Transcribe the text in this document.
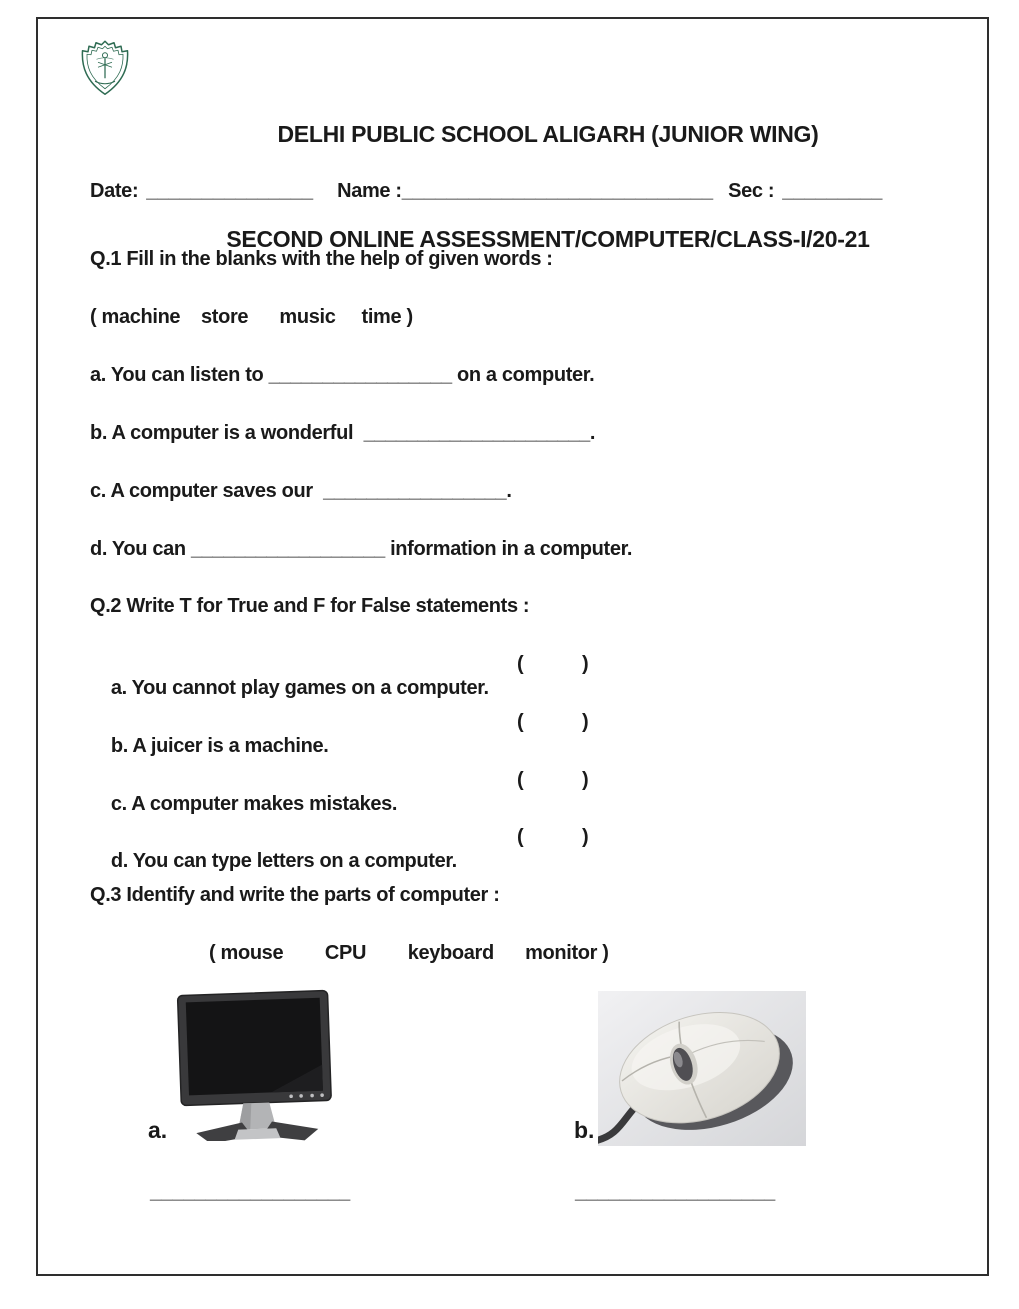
DELHI PUBLIC SCHOOL ALIGARH (JUNIOR WING)

SECOND ONLINE ASSESSMENT/COMPUTER/CLASS-I/20-21

Date: _______________ Name : ____________________________ Sec : _________
Q.1 Fill in the blanks with the help of given words :
( machine    store      music     time )
a. You can listen to _________________ on a computer.
b. A computer is a wonderful  _____________________.
c. A computer saves our  _________________.
d. You can __________________ information in a computer.
Q.2 Write T for True and F for False statements :

a. You cannot play games on a computer.

(

	)

b. A juicer is a machine.

(

	)

c. A computer makes mistakes.

(

	)

d. You can type letters on a computer.

(

	)

Q.3 Identify and write the parts of computer :
( mouse        CPU        keyboard      monitor )
a.	b.
__________________	__________________
